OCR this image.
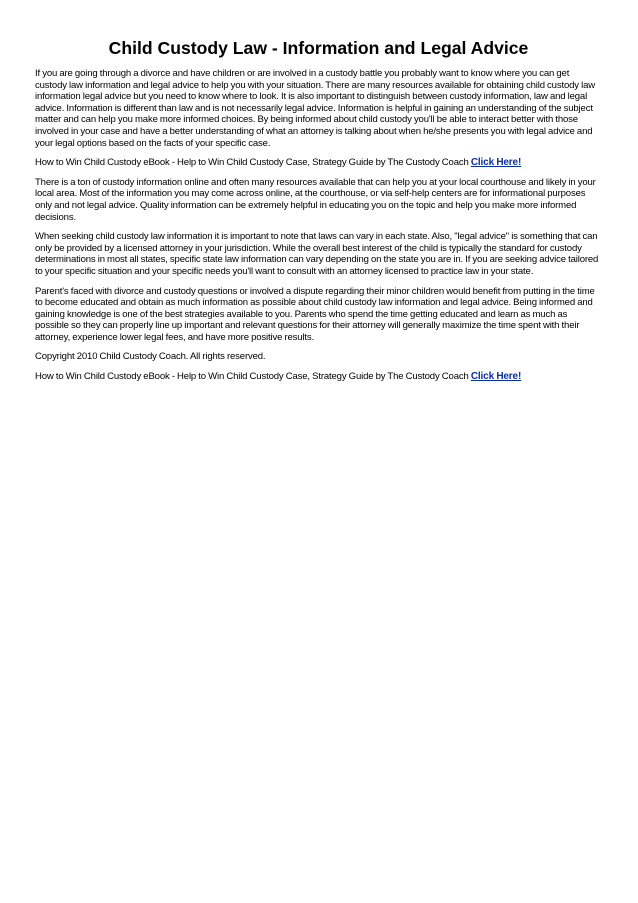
Child Custody Law - Information and Legal Advice

If you are going through a divorce and have children or are involved in a custody battle you probably want to know where you can get custody law information and legal advice to help you with your situation. There are many resources available for obtaining child custody law information legal advice but you need to know where to look. It is also important to distinguish between custody information, law and legal advice. Information is different than law and is not necessarily legal advice. Information is helpful in gaining an understanding of the subject matter and can help you make more informed choices. By being informed about child custody you'll be able to interact better with those involved in your case and have a better understanding of what an attorney is talking about when he/she presents you with legal advice and your legal options based on the facts of your specific case.

How to Win Child Custody eBook - Help to Win Child Custody Case, Strategy Guide by The Custody Coach Click Here!

There is a ton of custody information online and often many resources available that can help you at your local courthouse and likely in your local area. Most of the information you may come across online, at the courthouse, or via self-help centers are for informational purposes only and not legal advice. Quality information can be extremely helpful in educating you on the topic and help you make more informed decisions.

When seeking child custody law information it is important to note that laws can vary in each state. Also, "legal advice" is something that can only be provided by a licensed attorney in your jurisdiction. While the overall best interest of the child is typically the standard for custody determinations in most all states, specific state law information can vary depending on the state you are in. If you are seeking advice tailored to your specific situation and your specific needs you'll want to consult with an attorney licensed to practice law in your state.

Parent's faced with divorce and custody questions or involved a dispute regarding their minor children would benefit from putting in the time to become educated and obtain as much information as possible about child custody law information and legal advice. Being informed and gaining knowledge is one of the best strategies available to you. Parents who spend the time getting educated and learn as much as possible so they can properly line up important and relevant questions for their attorney will generally maximize the time spent with their attorney, experience lower legal fees, and have more positive results.

Copyright 2010 Child Custody Coach. All rights reserved.

How to Win Child Custody eBook - Help to Win Child Custody Case, Strategy Guide by The Custody Coach Click Here!
